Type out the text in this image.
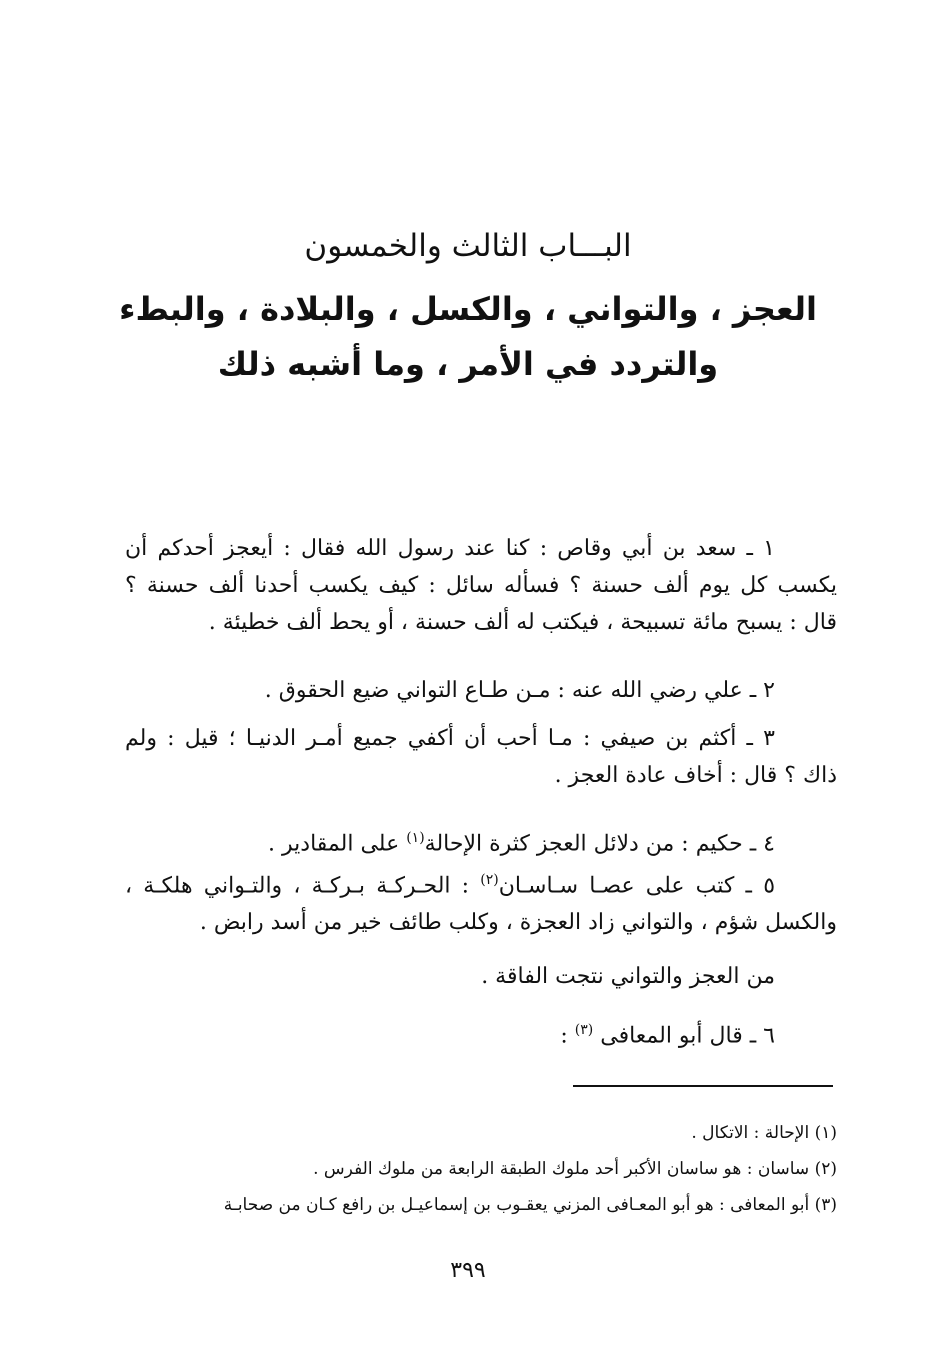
البـــاب الثالث والخمسون
العجز ، والتواني ، والكسل ، والبلادة ، والبطء
والتردد في الأمر ، وما أشبه ذلك

١ ـ سعد بن أبي وقاص : كنا عند رسول الله فقال : أيعجز أحدكم أن

يكسب كل يوم ألف حسنة ؟ فسأله سائل : كيف يكسب أحدنا ألف حسنة ؟

قال : يسبح مائة تسبيحة ، فيكتب له ألف حسنة ، أو يحط ألف خطيئة .

٢ ـ علي رضي الله عنه : مـن طـاع التواني ضيع الحقوق .

٣ ـ أكثم بن صيفي : مـا أحب أن أكفي جميع أمـر الدنيـا ؛ قيل : ولم

ذاك ؟ قال : أخاف عادة العجز .

٤ ـ حكيم : من دلائل العجز كثرة الإحالة$^{(١)}$ على المقادير .

٥ ـ كتب على عصـا سـاسـان$^{(٢)}$ : الحـركـة بـركـة ، والتـواني هلكـة ،

والكسل شؤم ، والتواني زاد العجزة ، وكلب طائف خير من أسد رابض .

من العجز والتواني نتجت الفاقة .

٦ ـ قال أبو المعافى $^{(٣)}$ :

(١) الإحالة : الاتكال .

(٢) ساسان : هو ساسان الأكبر أحد ملوك الطبقة الرابعة من ملوك الفرس .

(٣) أبو المعافى : هو أبو المعـافى المزني يعقـوب بن إسماعيـل بن رافع كـان من صحابـة

٣٩٩
